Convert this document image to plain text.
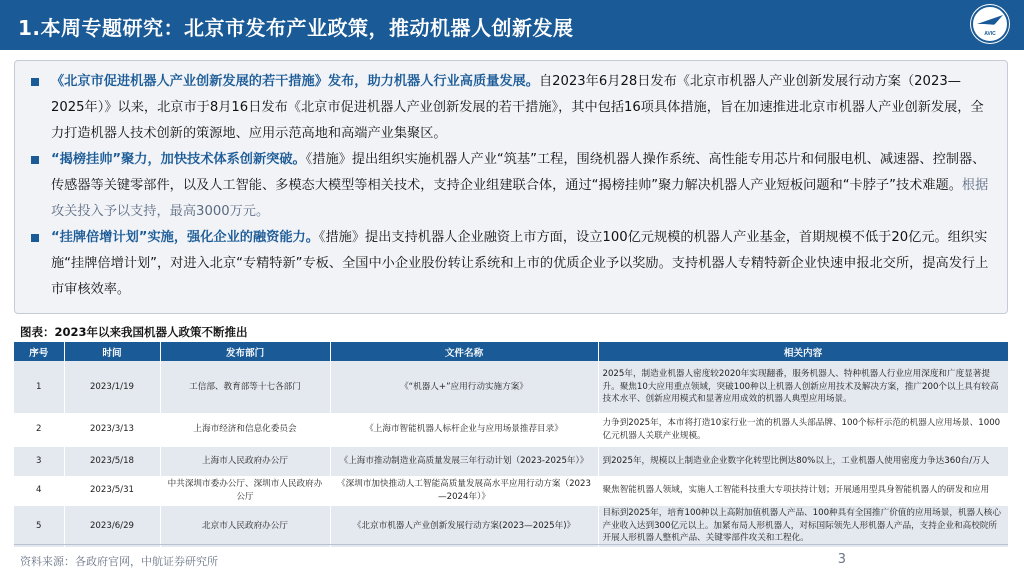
1.本周专题研究：北京市发布产业政策，推动机器人创新发展	AVIC
《北京市促进机器人产业创新发展的若干措施》发布，助力机器人行业高质量发展。自2023年6月28日发布《北京市机器人产业创新发展行动方案（2023—2025年）》以来，北京市于8月16日发布《北京市促进机器人产业创新发展的若干措施》，其中包括16项具体措施，旨在加速推进北京市机器人产业创新发展，全力打造机器人技术创新的策源地、应用示范高地和高端产业集聚区。
“揭榜挂帅”聚力，加快技术体系创新突破。《措施》提出组织实施机器人产业“筑基”工程，围绕机器人操作系统、高性能专用芯片和伺服电机、减速器、控制器、传感器等关键零部件，以及人工智能、多模态大模型等相关技术，支持企业组建联合体，通过“揭榜挂帅”聚力解决机器人产业短板问题和“卡脖子”技术难题。根据攻关投入予以支持，最高3000万元。
“挂牌倍增计划”实施，强化企业的融资能力。《措施》提出支持机器人企业融资上市方面，设立100亿元规模的机器人产业基金，首期规模不低于20亿元。组织实施“挂牌倍增计划”，对进入北京“专精特新”专板、全国中小企业股份转让系统和上市的优质企业予以奖励。支持机器人专精特新企业快速申报北交所，提高发行上市审核效率。
图表：2023年以来我国机器人政策不断推出
序号	时间	发布部门	文件名称	相关内容
1	2023/1/19	工信部、教育部等十七各部门	《“机器人+”应用行动实施方案》	2025年，制造业机器人密度较2020年实现翻番，服务机器人、特种机器人行业应用深度和广度显著提升。聚焦10大应用重点领域，突破100种以上机器人创新应用技术及解决方案，推广200个以上具有较高技术水平、创新应用模式和显著应用成效的机器人典型应用场景。
2	2023/3/13	上海市经济和信息化委员会	《上海市智能机器人标杆企业与应用场景推荐目录》	力争到2025年，本市将打造10家行业一流的机器人头部品牌、100个标杆示范的机器人应用场景、1000亿元机器人关联产业规模。
3	2023/5/18	上海市人民政府办公厅	《上海市推动制造业高质量发展三年行动计划（2023-2025年）》	到2025年，规模以上制造业企业数字化转型比例达80%以上，工业机器人使用密度力争达360台/万人
4	2023/5/31	中共深圳市委办公厅、深圳市人民政府办公厅	《深圳市加快推动人工智能高质量发展高水平应用行动方案（2023—2024年）》	聚焦智能机器人领域，实施人工智能科技重大专项扶持计划；开展通用型具身智能机器人的研发和应用
5	2023/6/29	北京市人民政府办公厅	《北京市机器人产业创新发展行动方案(2023—2025年)》	目标到2025年，培育100种以上高附加值机器人产品、100种具有全国推广价值的应用场景，机器人核心产业收入达到300亿元以上。加紧布局人形机器人，对标国际领先人形机器人产品，支持企业和高校院所开展人形机器人整机产品、关键零部件攻关和工程化。
资料来源：各政府官网，中航证券研究所	3
